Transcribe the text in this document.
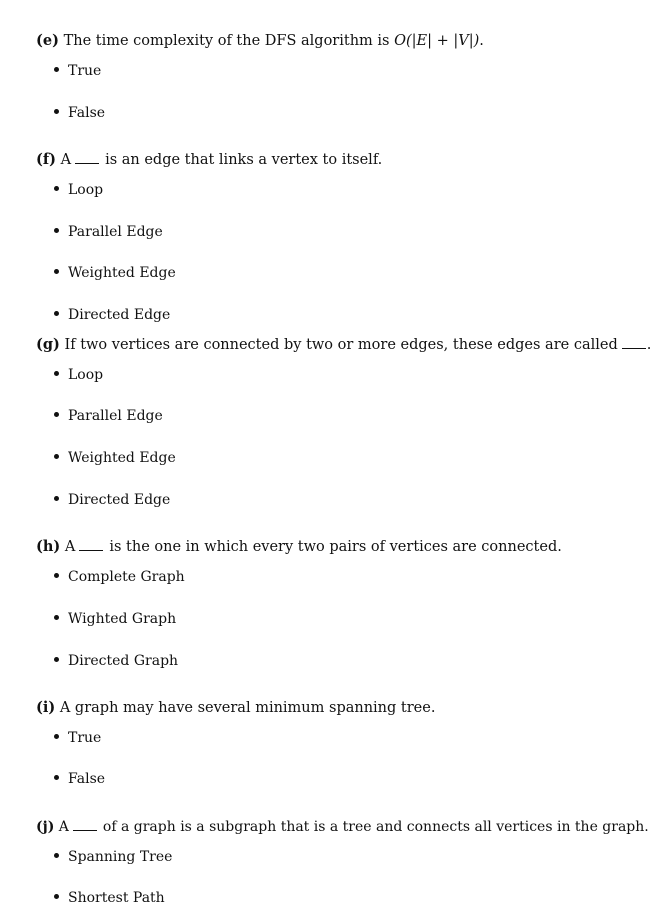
(e) The time complexity of the DFS algorithm is O(|E| + |V|).
True
False
(f) A is an edge that links a vertex to itself.
Loop
Parallel Edge
Weighted Edge
Directed Edge
(g) If two vertices are connected by two or more edges, these edges are called .
Loop
Parallel Edge
Weighted Edge
Directed Edge
(h) A is the one in which every two pairs of vertices are connected.
Complete Graph
Wighted Graph
Directed Graph
(i) A graph may have several minimum spanning tree.
True
False
(j) A of a graph is a subgraph that is a tree and connects all vertices in the graph.
Spanning Tree
Shortest Path
